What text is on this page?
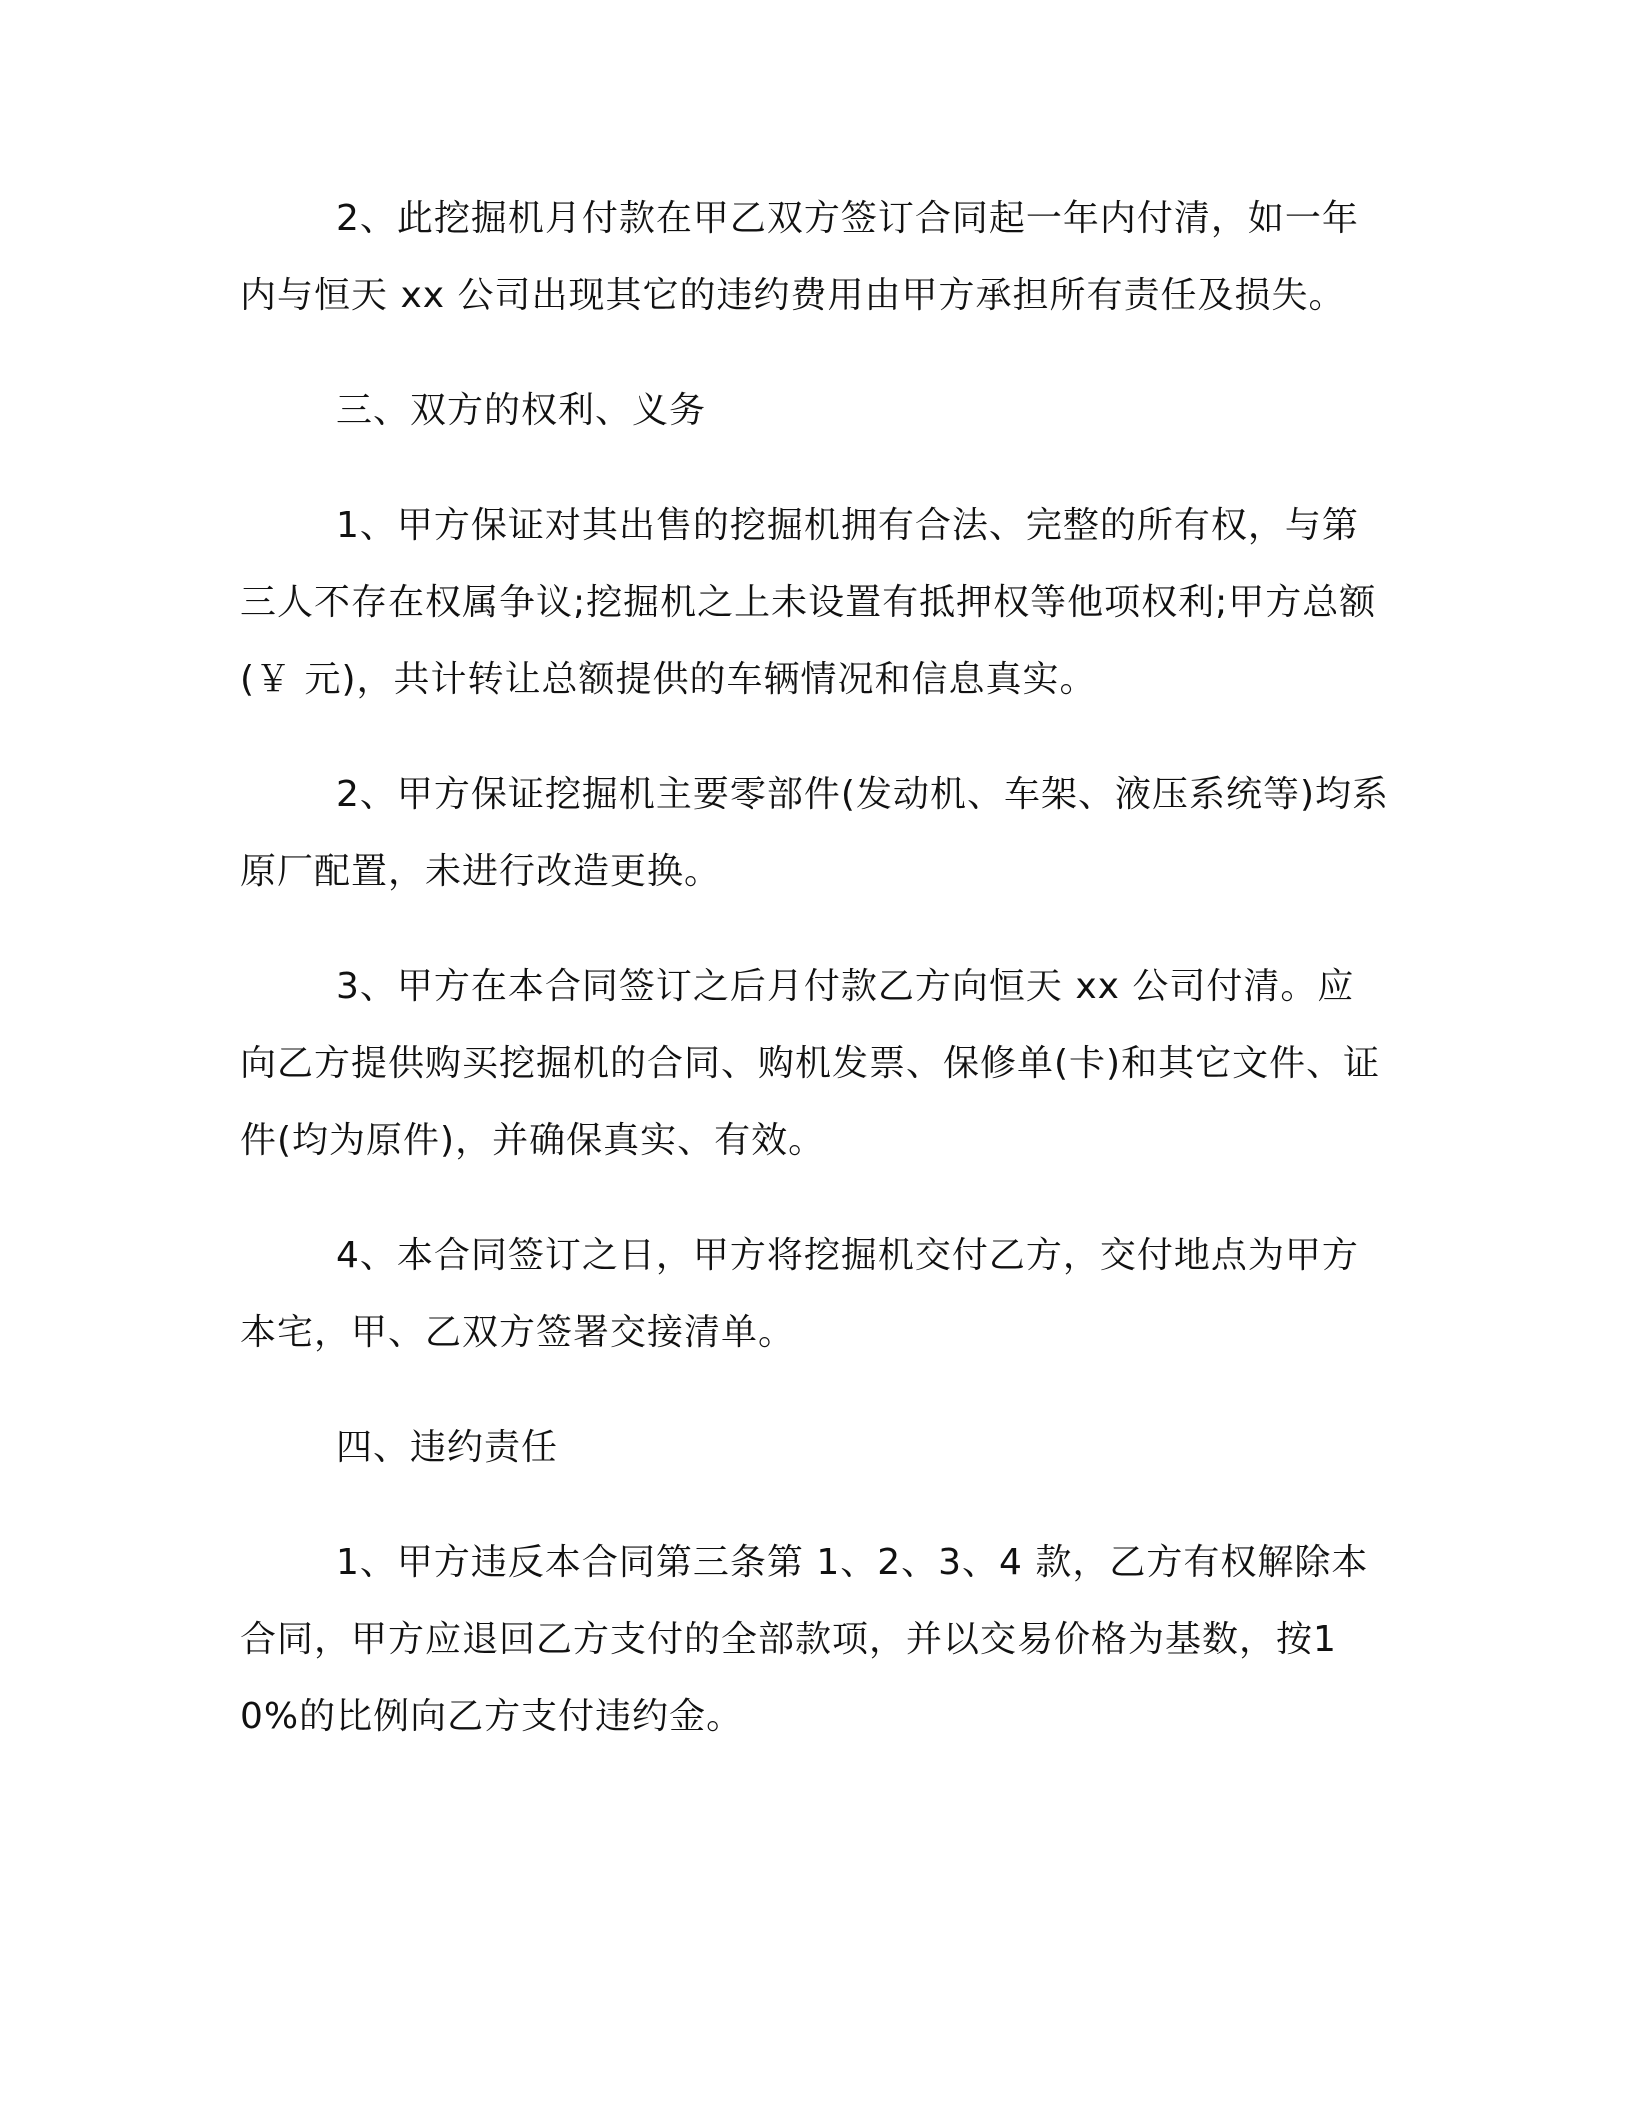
2、此挖掘机月付款在甲乙双方签订合同起一年内付清，如一年内与恒天 xx 公司出现其它的违约费用由甲方承担所有责任及损失。

三、双方的权利、义务

1、甲方保证对其出售的挖掘机拥有合法、完整的所有权，与第三人不存在权属争议;挖掘机之上未设置有抵押权等他项权利;甲方总额(￥ 元)，共计转让总额提供的车辆情况和信息真实。

2、甲方保证挖掘机主要零部件(发动机、车架、液压系统等)均系原厂配置，未进行改造更换。

3、甲方在本合同签订之后月付款乙方向恒天 xx 公司付清。应向乙方提供购买挖掘机的合同、购机发票、保修单(卡)和其它文件、证件(均为原件)，并确保真实、有效。

4、本合同签订之日，甲方将挖掘机交付乙方，交付地点为甲方本宅，甲、乙双方签署交接清单。

四、违约责任

1、甲方违反本合同第三条第 1、2、3、4 款，乙方有权解除本合同，甲方应退回乙方支付的全部款项，并以交易价格为基数，按10%的比例向乙方支付违约金。
